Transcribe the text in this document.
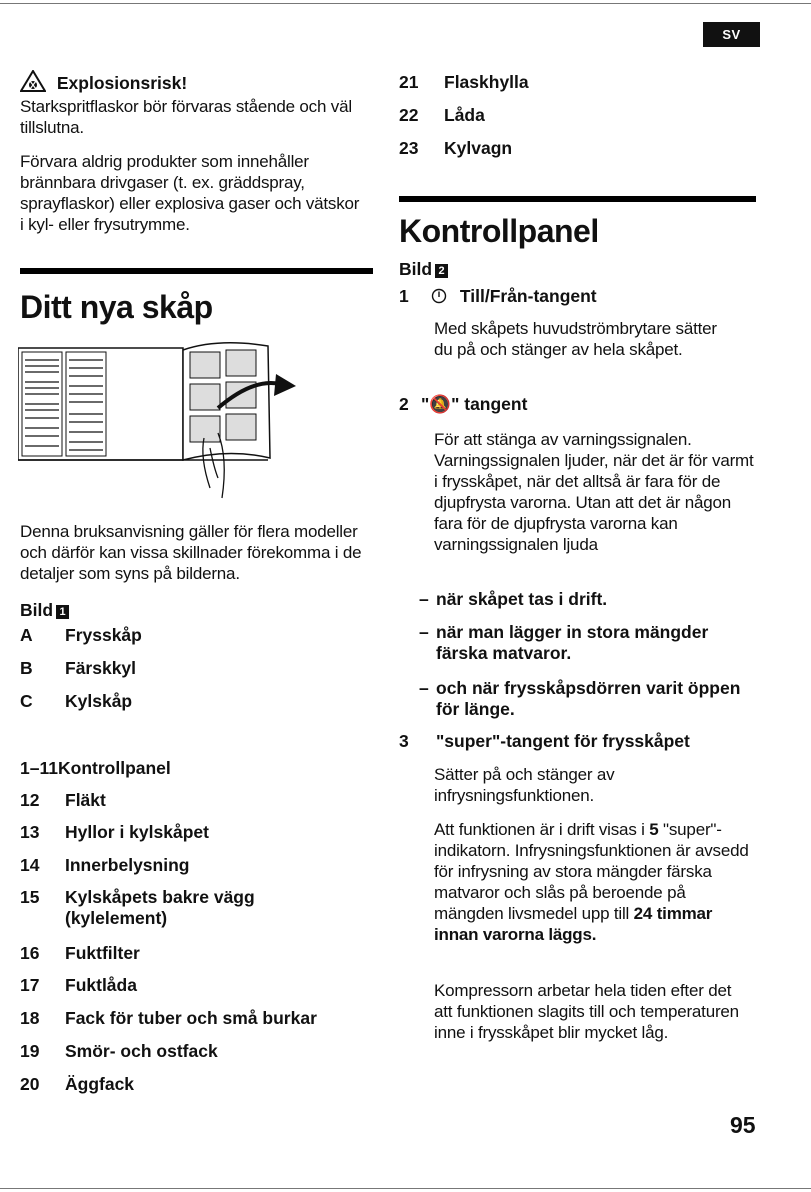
SV
Explosionsrisk!
Starkspritflaskor bör förvaras stående och väl tillslutna.
Förvara aldrig produkter som innehåller brännbara drivgaser (t. ex. gräddspray, sprayflaskor) eller explosiva gaser och vätskor i kyl- eller frysutrymme.
Ditt nya skåp
Denna bruksanvisning gäller för flera modeller och därför kan vissa skillnader förekomma i de detaljer som syns på bilderna.
Bild 1
A Frysskåp
B Färskkyl
C Kylskåp
1–11 Kontrollpanel
12 Fläkt
13 Hyllor i kylskåpet
14 Innerbelysning
15 Kylskåpets bakre vägg (kylelement)
16 Fuktfilter
17 Fuktlåda
18 Fack för tuber och små burkar
19 Smör- och ostfack
20 Äggfack
21 Flaskhylla
22 Låda
23 Kylvagn
Kontrollpanel
Bild 2
1	Till/Från-tangent
Med skåpets huvudströmbrytare sätter du på och stänger av hela skåpet.
2 "🔕" tangent
För att stänga av varningssignalen. Varningssignalen ljuder, när det är för varmt i frysskåpet, när det alltså är fara för de djupfrysta varorna. Utan att det är någon fara för de djupfrysta varorna kan varningssignalen ljuda
– när skåpet tas i drift.
– när man lägger in stora mängder färska matvaror.
– och när frysskåpsdörren varit öppen för länge.
3 "super"-tangent för frysskåpet
Sätter på och stänger av infrysningsfunktionen.
Att funktionen är i drift visas i 5 "super"-indikatorn. Infrysningsfunktionen är avsedd för infrysning av stora mängder färska matvaror och slås på beroende på mängden livsmedel upp till 24 timmar innan varorna läggs.
Kompressorn arbetar hela tiden efter det att funktionen slagits till och temperaturen inne i frysskåpet blir mycket låg.
95
